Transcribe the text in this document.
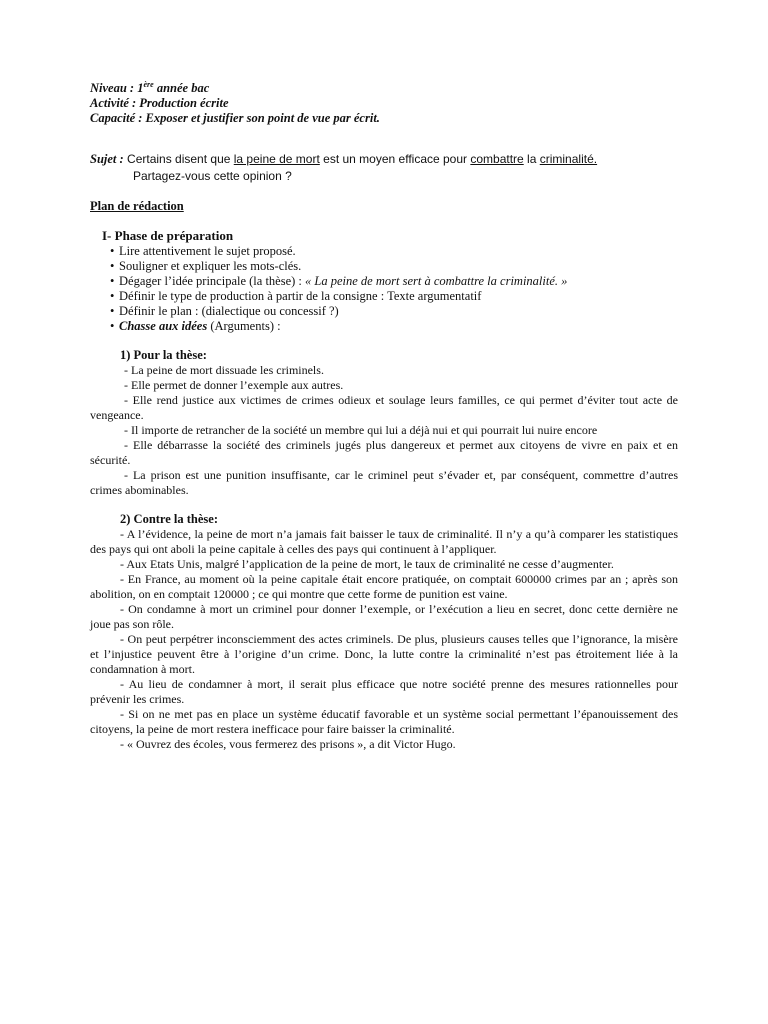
Niveau : 1ère année bac
Activité : Production écrite
Capacité : Exposer et justifier son point de vue par écrit.
Sujet : Certains disent que la peine de mort est un moyen efficace pour combattre la criminalité.
Partagez-vous cette opinion ?
Plan de rédaction
I- Phase de préparation
• Lire attentivement le sujet proposé.
• Souligner et expliquer les mots-clés.
• Dégager l’idée principale (la thèse) : « La peine de mort sert à combattre la criminalité. »
• Définir le type de production à partir de la consigne : Texte argumentatif
• Définir le plan : (dialectique ou concessif ?)
• Chasse aux idées (Arguments) :
1) Pour la thèse:
- La peine de mort dissuade les criminels.
- Elle permet de donner l’exemple aux autres.
- Elle rend justice aux victimes de crimes odieux et soulage leurs familles, ce qui permet d’éviter tout acte de vengeance.
- Il importe de retrancher de la société un membre qui lui a déjà nui et qui pourrait lui nuire encore
- Elle débarrasse la société des criminels jugés plus dangereux et permet aux citoyens de vivre en paix et en sécurité.
- La prison est une punition insuffisante, car le criminel peut s’évader et, par conséquent, commettre d’autres crimes abominables.
2) Contre la thèse:
- A l’évidence, la peine de mort n’a jamais fait baisser le taux de criminalité. Il n’y a qu’à comparer les statistiques des pays qui ont aboli la peine capitale à celles des pays qui continuent à l’appliquer.
- Aux Etats Unis, malgré l’application de la peine de mort, le taux de criminalité ne cesse d’augmenter.
- En France, au moment où la peine capitale était encore pratiquée, on comptait 600000 crimes par an ; après son abolition, on en comptait 120000 ; ce qui montre que cette forme de punition est vaine.
- On condamne à mort un criminel pour donner l’exemple, or l’exécution a lieu en secret, donc cette dernière ne joue pas son rôle.
- On peut perpétrer inconsciemment des actes criminels. De plus, plusieurs causes telles que l’ignorance, la misère et l’injustice peuvent être à l’origine d’un crime. Donc, la lutte contre la criminalité n’est pas étroitement liée à la condamnation à mort.
- Au lieu de condamner à mort, il serait plus efficace que notre société prenne des mesures rationnelles pour prévenir les crimes.
- Si on ne met pas en place un système éducatif favorable et un système social permettant l’épanouissement des citoyens, la peine de mort restera inefficace pour faire baisser la criminalité.
- « Ouvrez des écoles, vous fermerez des prisons », a dit Victor Hugo.
